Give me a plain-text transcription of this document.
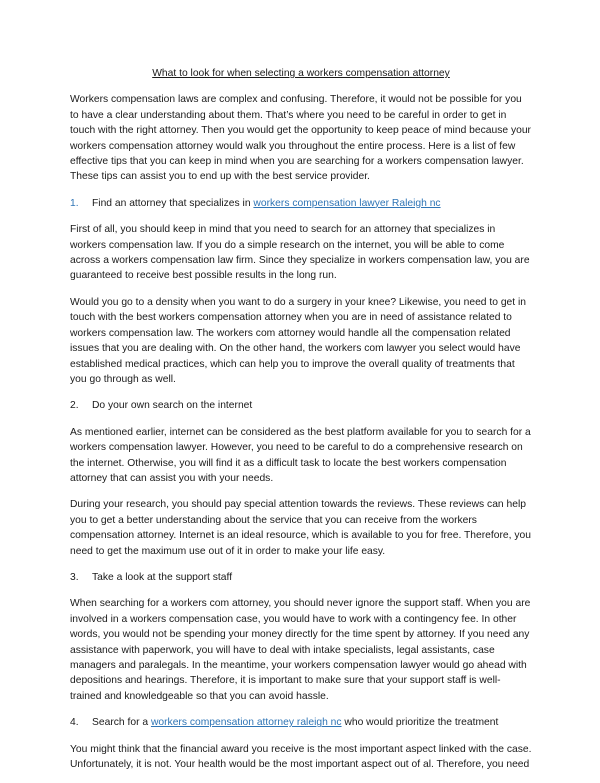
What to look for when selecting a workers compensation attorney

Workers compensation laws are complex and confusing. Therefore, it would not be possible for you to have a clear understanding about them. That’s where you need to be careful in order to get in touch with the right attorney. Then you would get the opportunity to keep peace of mind because your workers compensation attorney would walk you throughout the entire process. Here is a list of few effective tips that you can keep in mind when you are searching for a workers compensation lawyer. These tips can assist you to end up with the best service provider.

1.	Find an attorney that specializes in workers compensation lawyer Raleigh nc

First of all, you should keep in mind that you need to search for an attorney that specializes in workers compensation law. If you do a simple research on the internet, you will be able to come across a workers compensation law firm. Since they specialize in workers compensation law, you are guaranteed to receive best possible results in the long run.

Would you go to a density when you want to do a surgery in your knee? Likewise, you need to get in touch with the best workers compensation attorney when you are in need of assistance related to workers compensation law. The workers com attorney would handle all the compensation related issues that you are dealing with. On the other hand, the workers com lawyer you select would have established medical practices, which can help you to improve the overall quality of treatments that you go through as well.

2.	Do your own search on the internet

As mentioned earlier, internet can be considered as the best platform available for you to search for a workers compensation lawyer. However, you need to be careful to do a comprehensive research on the internet. Otherwise, you will find it as a difficult task to locate the best workers compensation attorney that can assist you with your needs.

During your research, you should pay special attention towards the reviews. These reviews can help you to get a better understanding about the service that you can receive from the workers compensation attorney. Internet is an ideal resource, which is available to you for free. Therefore, you need to get the maximum use out of it in order to make your life easy.

3.	Take a look at the support staff

When searching for a workers com attorney, you should never ignore the support staff. When you are involved in a workers compensation case, you would have to work with a contingency fee. In other words, you would not be spending your money directly for the time spent by attorney. If you need any assistance with paperwork, you will have to deal with intake specialists, legal assistants, case managers and paralegals. In the meantime, your workers compensation lawyer would go ahead with depositions and hearings. Therefore, it is important to make sure that your support staff is well-trained and knowledgeable so that you can avoid hassle.

4.	Search for a workers compensation attorney raleigh nc who would prioritize the treatment

You might think that the financial award you receive is the most important aspect linked with the case. Unfortunately, it is not. Your health would be the most important aspect out of al. Therefore, you need
